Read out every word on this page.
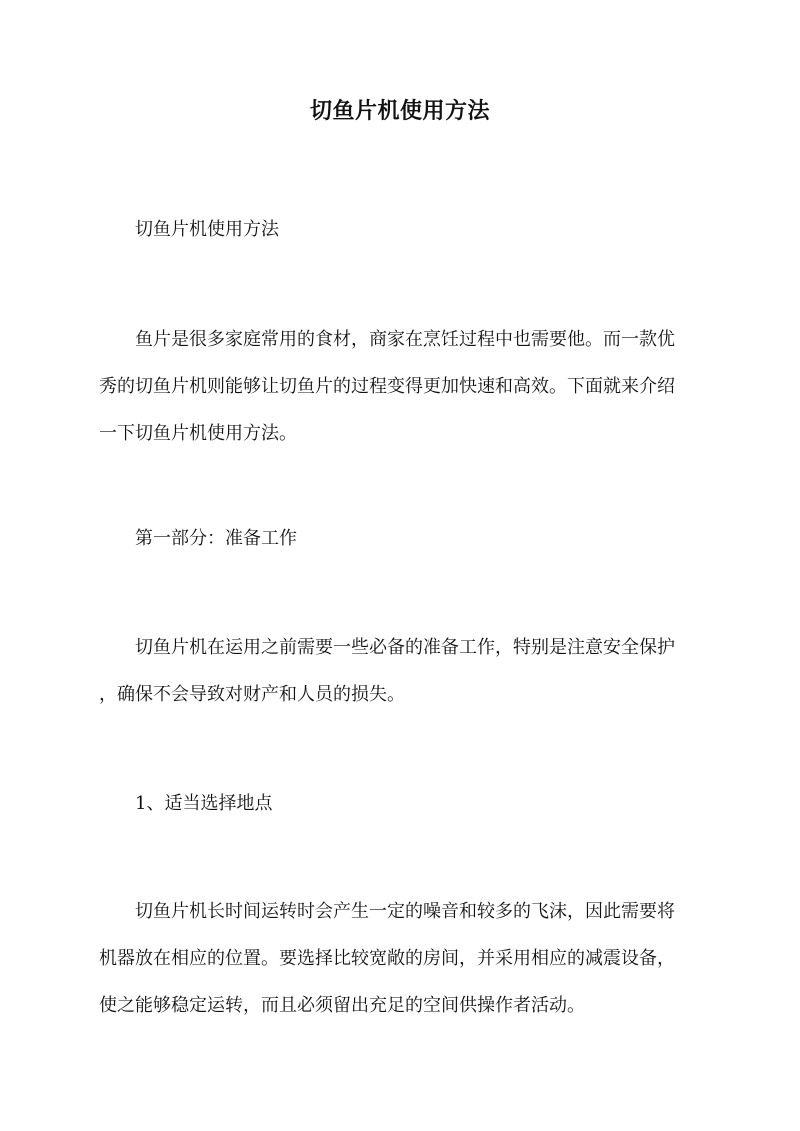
切鱼片机使用方法
切鱼片机使用方法
鱼片是很多家庭常用的食材，商家在烹饪过程中也需要他。而一款优
秀的切鱼片机则能够让切鱼片的过程变得更加快速和高效。下面就来介绍
一下切鱼片机使用方法。
第一部分：准备工作
切鱼片机在运用之前需要一些必备的准备工作，特别是注意安全保护
，确保不会导致对财产和人员的损失。
1、适当选择地点
切鱼片机长时间运转时会产生一定的噪音和较多的飞沫，因此需要将
机器放在相应的位置。要选择比较宽敞的房间，并采用相应的减震设备，
使之能够稳定运转，而且必须留出充足的空间供操作者活动。
